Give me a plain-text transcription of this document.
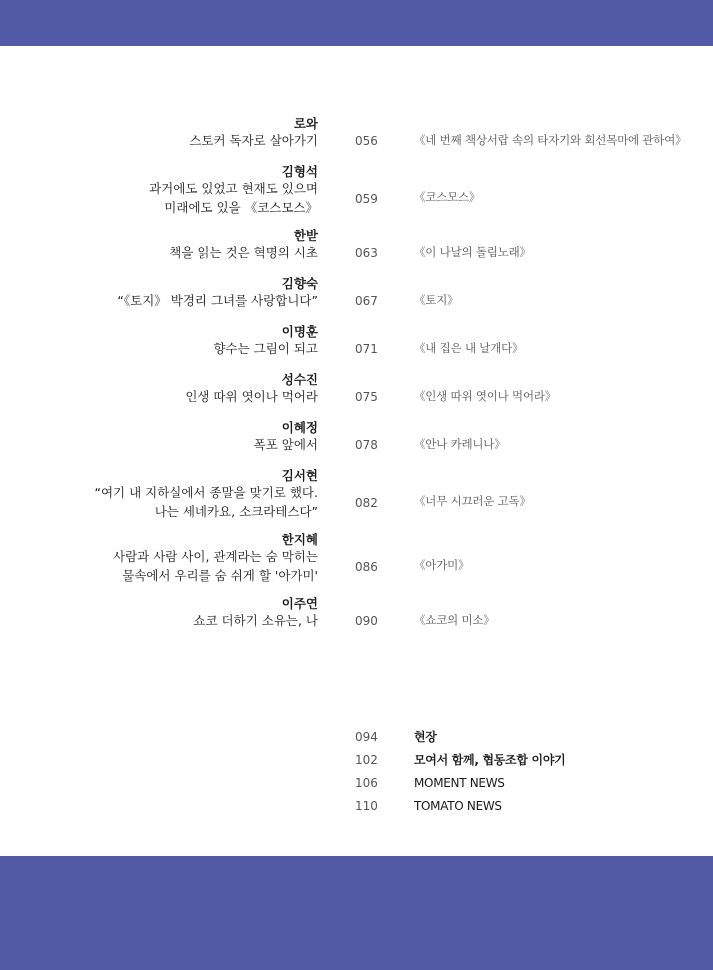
로와
스토커 독자로 살아가기	056	《네 번째 책상서랍 속의 타자기와 회선목마에 관하여》
김형석
과거에도 있었고 현재도 있으며
미래에도 있을 《코스모스》
059	《코스모스》
한받
책을 읽는 것은 혁명의 시초	063	《이 나날의 돌림노래》
김향숙
“《토지》 박경리 그녀를 사랑합니다”	067	《토지》
이명훈
향수는 그림이 되고	071	《내 집은 내 날개다》
성수진
인생 따위 엿이나 먹어라	075	《인생 따위 엿이나 먹어라》
이혜정
폭포 앞에서	078	《안나 카레니나》
김서현
“여기 내 지하실에서 종말을 맞기로 했다.
나는 세네카요, 소크라테스다”
082	《너무 시끄러운 고독》
한지혜
사람과 사람 사이, 관계라는 숨 막히는
물속에서 우리를 숨 쉬게 할 '아가미'
086	《아가미》
이주연
쇼코 더하기 소유는, 나	090	《쇼코의 미소》
094	현장
102	모여서 함께, 협동조합 이야기
106	MOMENT NEWS
110	TOMATO NEWS
